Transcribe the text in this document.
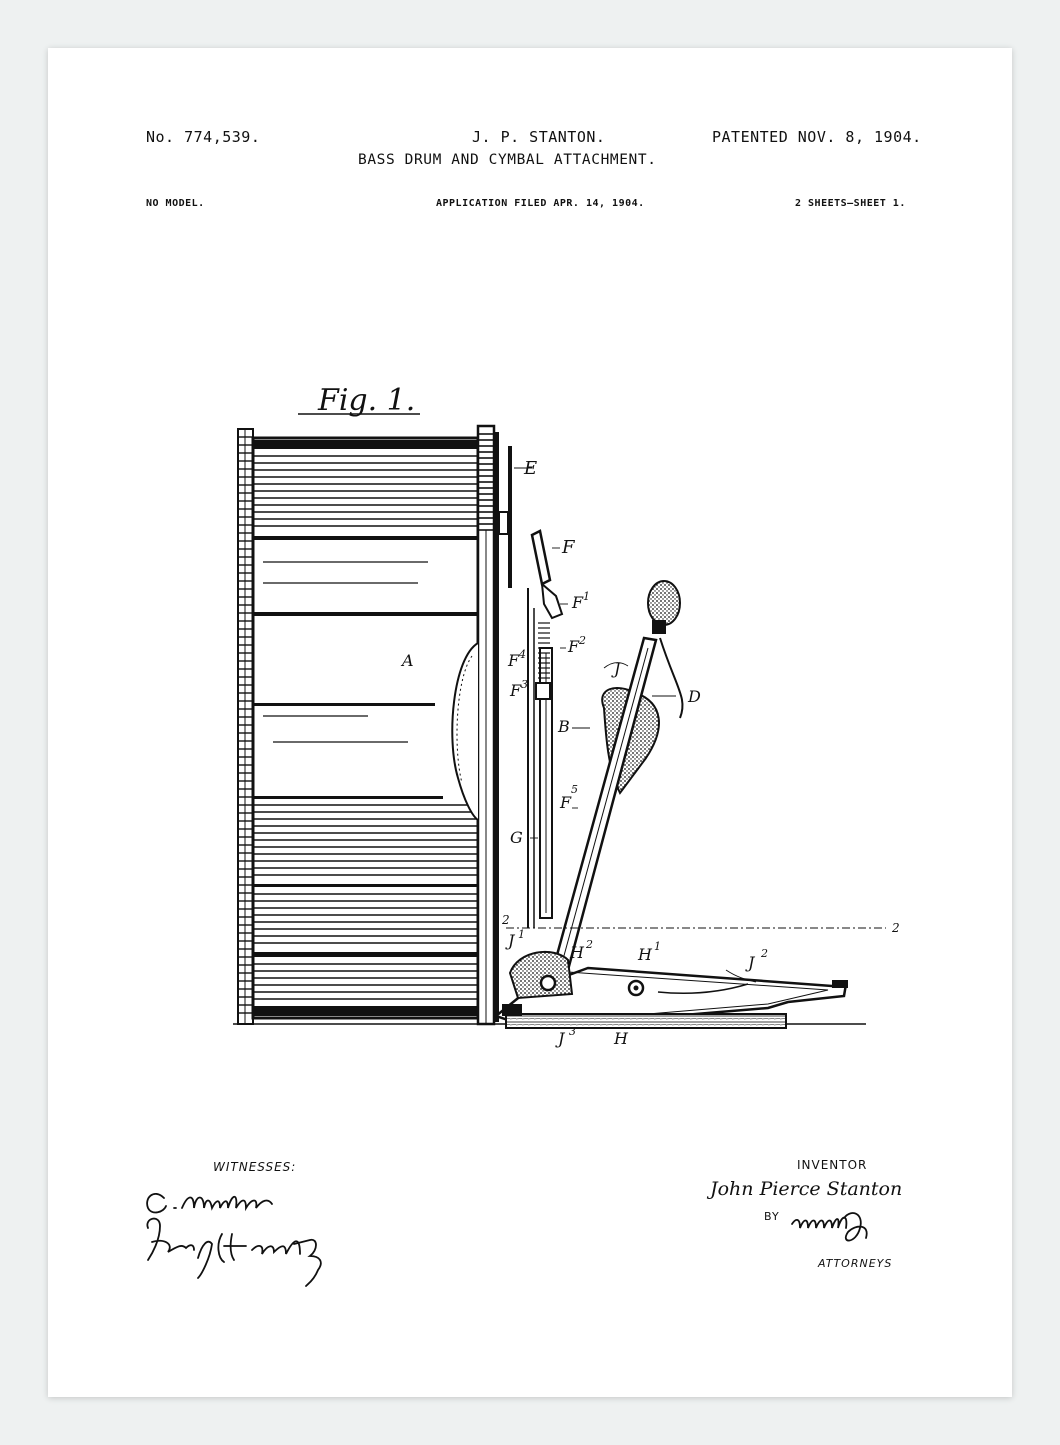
No. 774,539.	J. P. STANTON.	PATENTED NOV. 8, 1904.
BASS DRUM AND CYMBAL ATTACHMENT.
NO MODEL.	APPLICATION FILED APR. 14, 1904.	2 SHEETS—SHEET 1.
Fig. 1.
E
F
F 1
F 2
F 4
F 3
A	J
D
B
F
5
G
2
2
J 1
H 2
H 1
J 2
J 3 H
WITNESSES:	INVENTOR
John Pierce Stanton
BY
ATTORNEYS
